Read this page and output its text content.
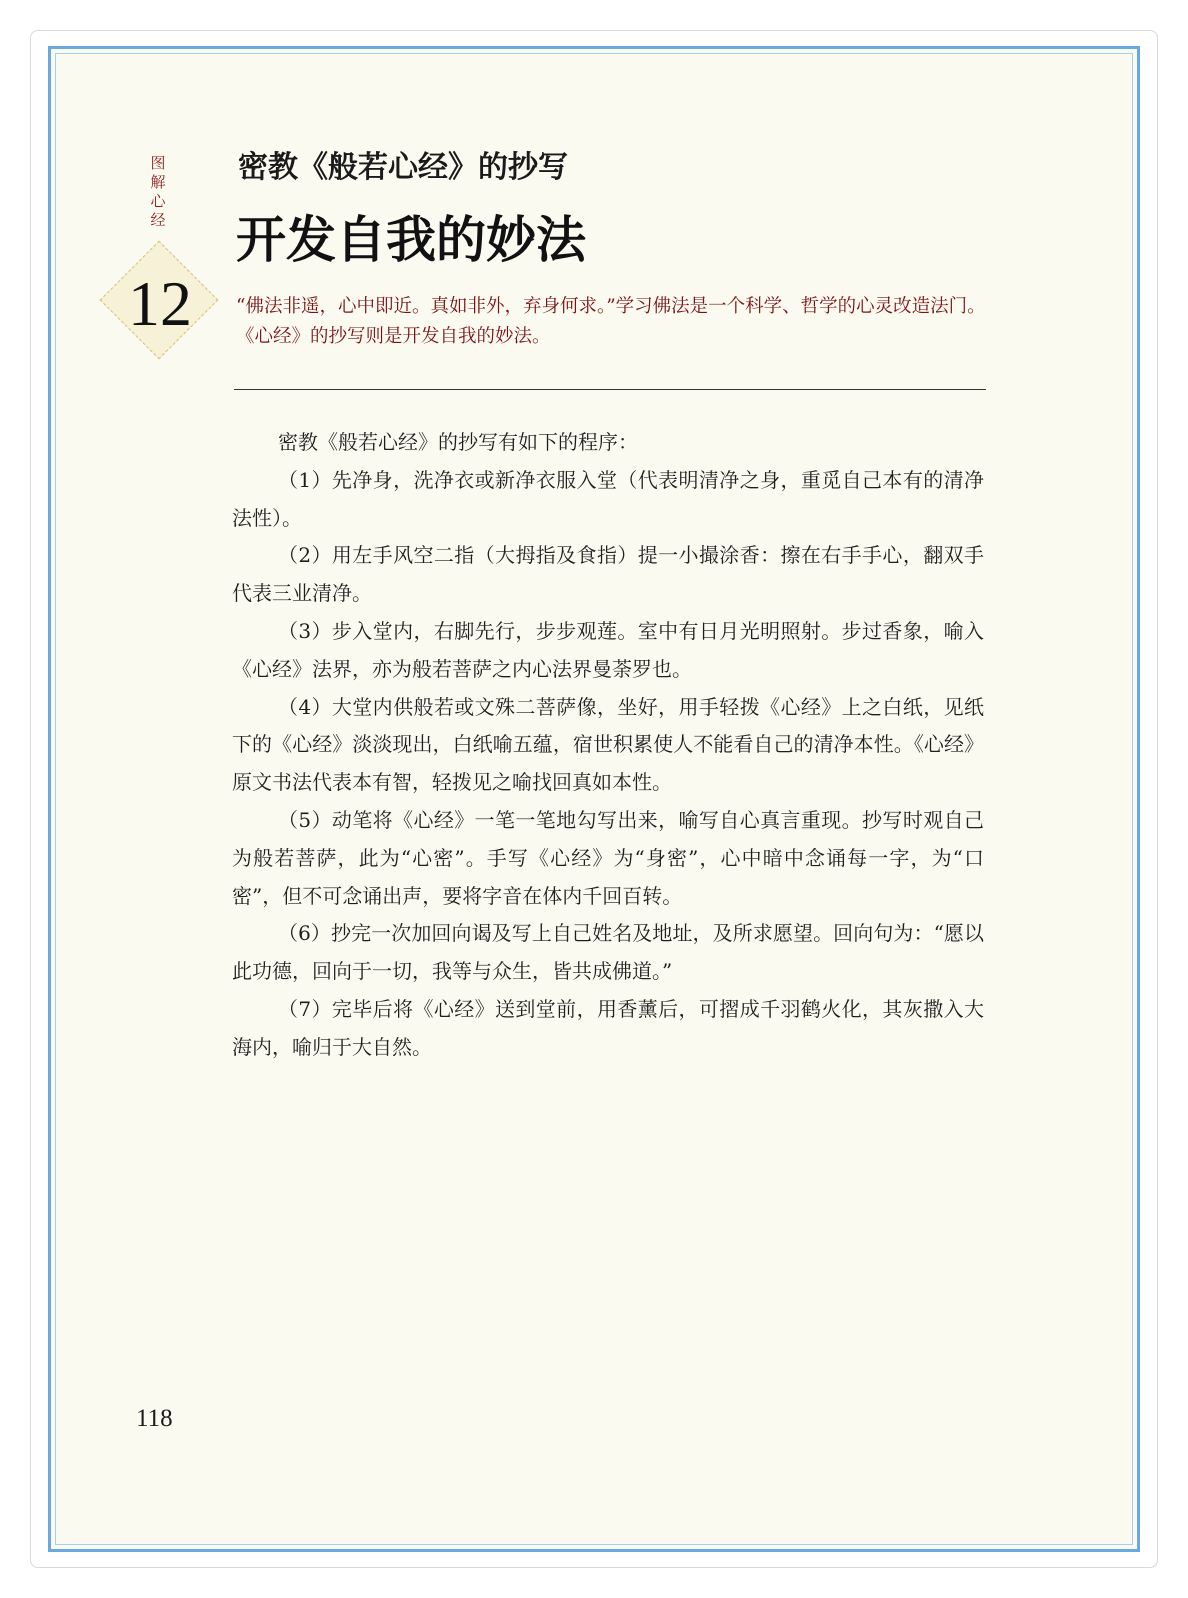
图
解
心
经
12
密教《般若心经》的抄写
开发自我的妙法
“佛法非遥，心中即近。真如非外，弃身何求。”学习佛法是一个科学、哲学的心灵改造法门。《心经》的抄写则是开发自我的妙法。

密教《般若心经》的抄写有如下的程序：

（1）先净身，洗净衣或新净衣服入堂（代表明清净之身，重觅自己本有的清净法性）。

（2）用左手风空二指（大拇指及食指）提一小撮涂香：擦在右手手心，翻双手代表三业清净。

（3）步入堂内，右脚先行，步步观莲。室中有日月光明照射。步过香象，喻入《心经》法界，亦为般若菩萨之内心法界曼荼罗也。

（4）大堂内供般若或文殊二菩萨像，坐好，用手轻拨《心经》上之白纸，见纸下的《心经》淡淡现出，白纸喻五蕴，宿世积累使人不能看自己的清净本性。《心经》原文书法代表本有智，轻拨见之喻找回真如本性。

（5）动笔将《心经》一笔一笔地勾写出来，喻写自心真言重现。抄写时观自己为般若菩萨，此为“心密”。手写《心经》为“身密”，心中暗中念诵每一字，为“口密”，但不可念诵出声，要将字音在体内千回百转。

（6）抄完一次加回向谒及写上自己姓名及地址，及所求愿望。回向句为：“愿以此功德，回向于一切，我等与众生，皆共成佛道。”

（7）完毕后将《心经》送到堂前，用香薰后，可摺成千羽鹤火化，其灰撒入大海内，喻归于大自然。

118
